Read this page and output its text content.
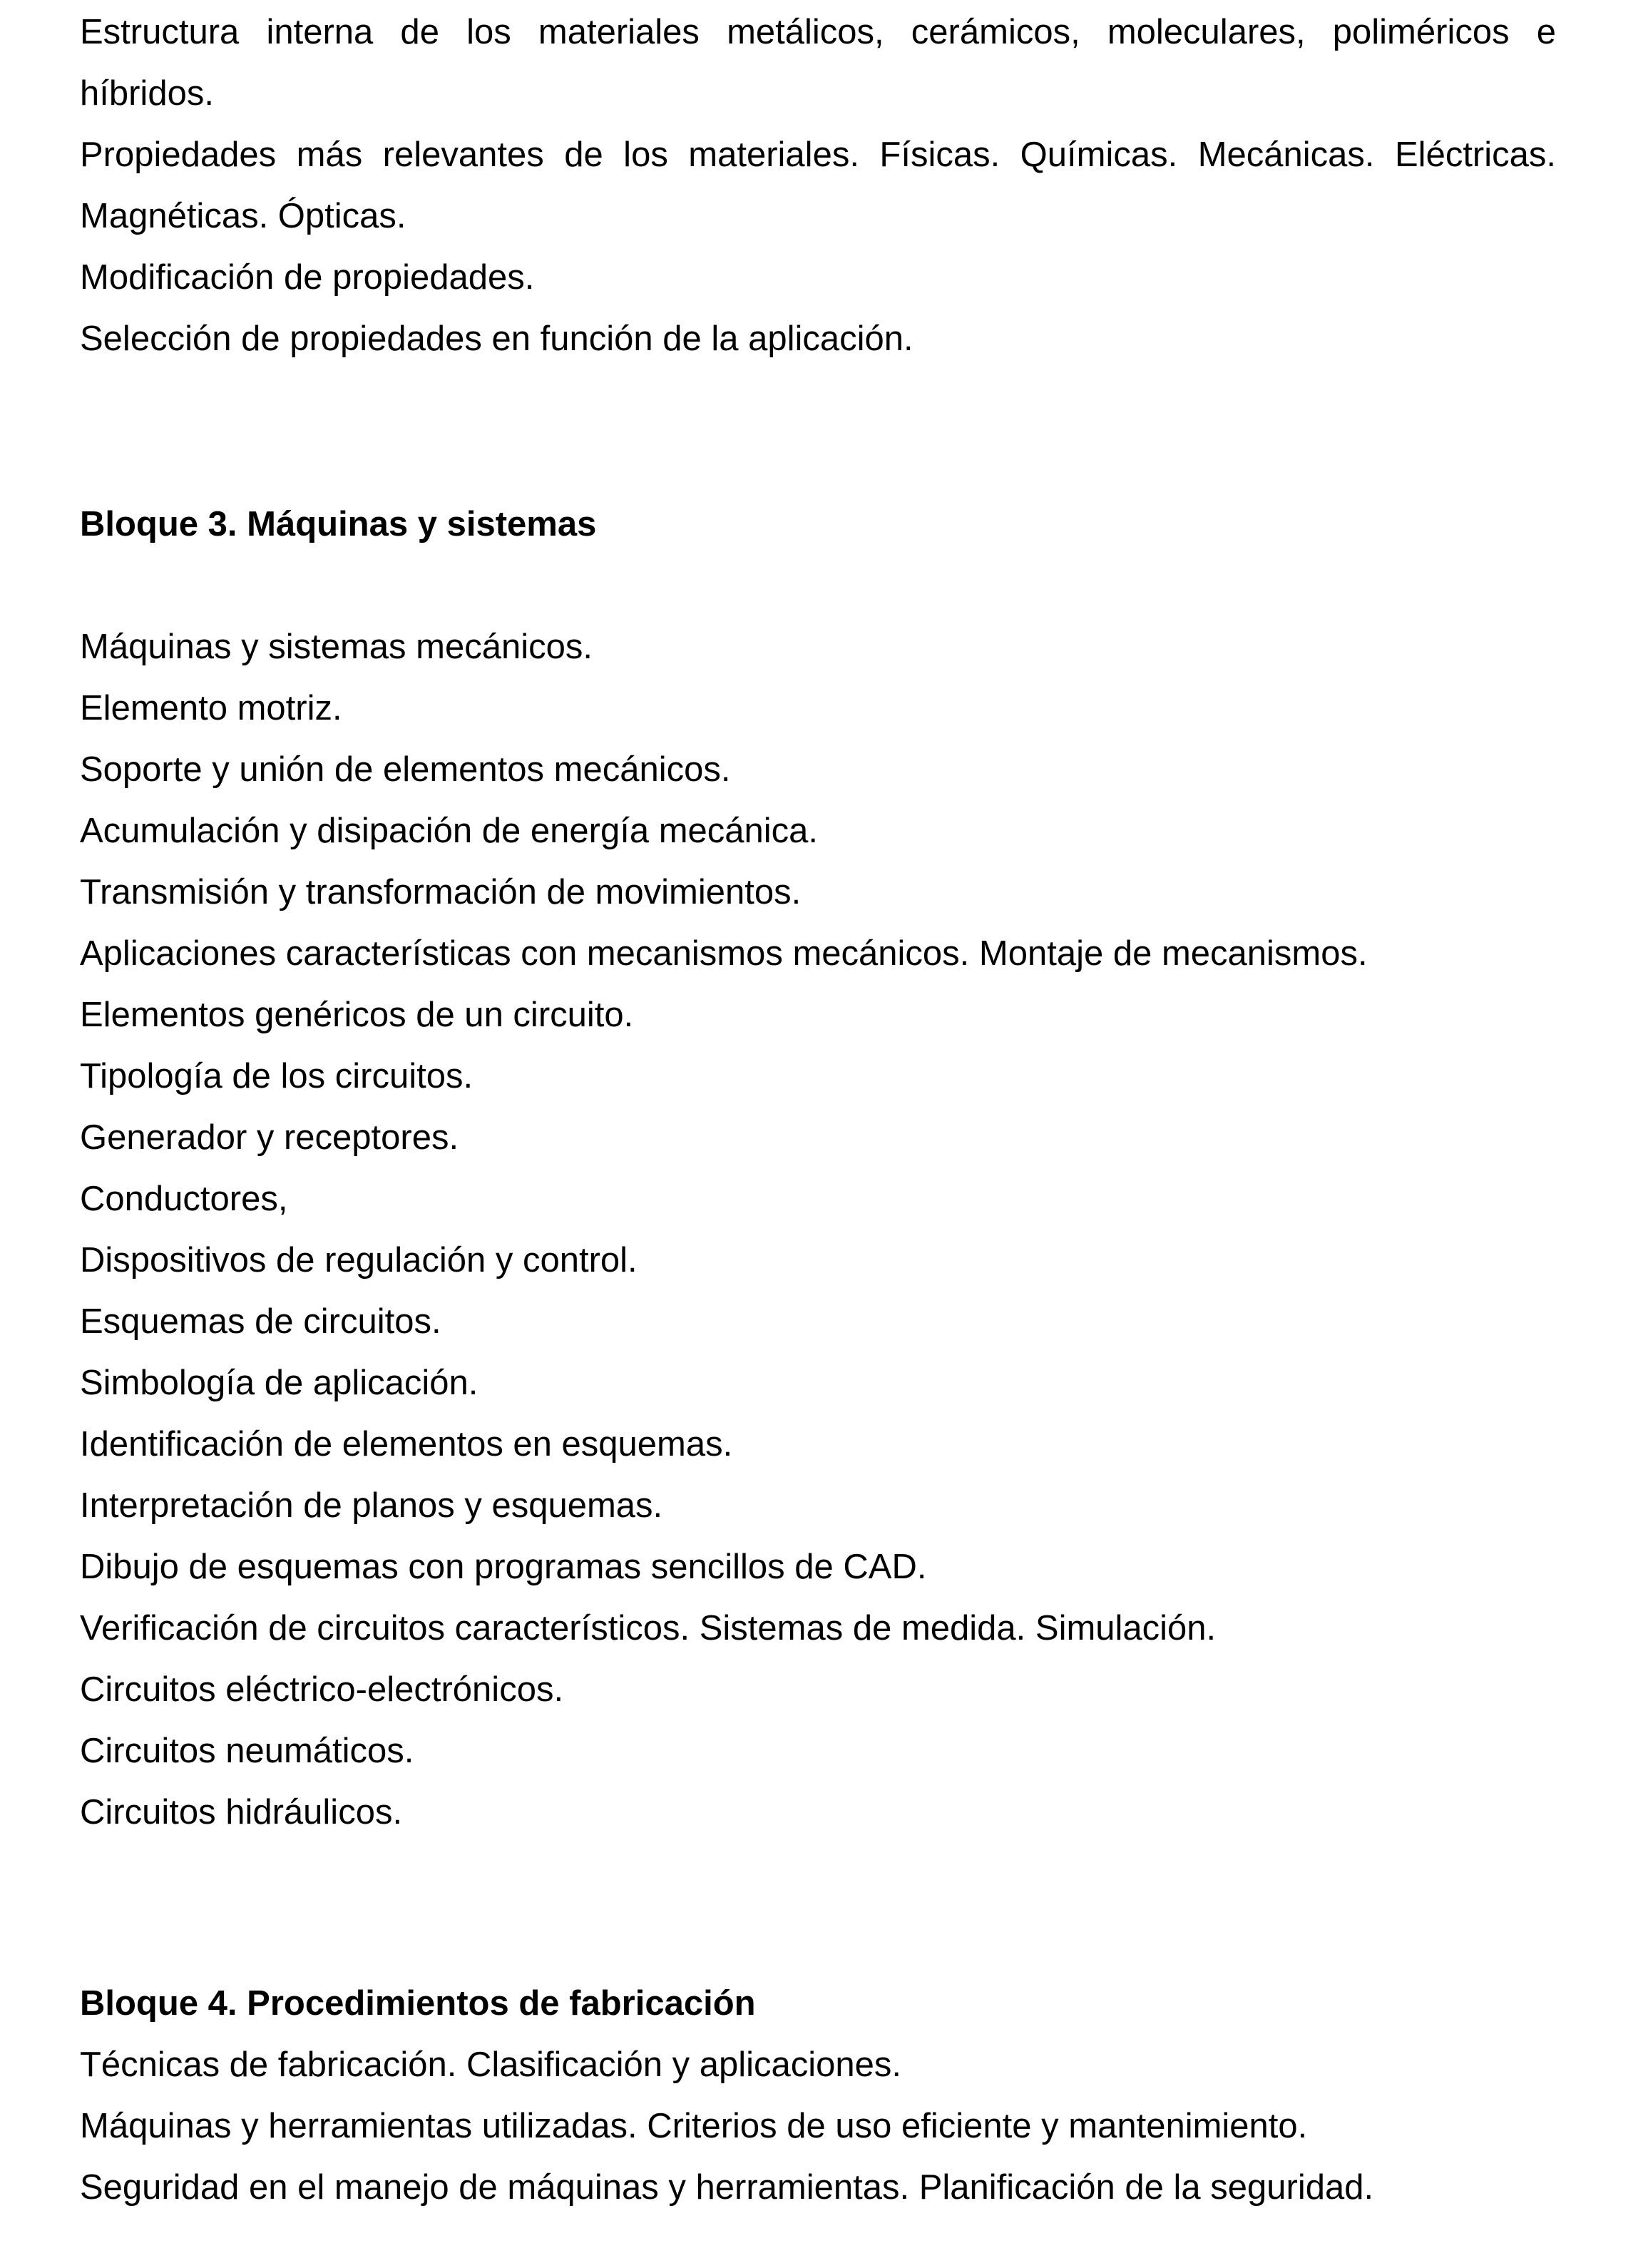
Estructura interna de los materiales metálicos, cerámicos, moleculares, poliméricos e
híbridos.
Propiedades más relevantes de los materiales. Físicas. Químicas. Mecánicas. Eléctricas.
Magnéticas. Ópticas.
Modificación de propiedades.
Selección de propiedades en función de la aplicación.
Bloque 3. Máquinas y sistemas
Máquinas y sistemas mecánicos.
Elemento motriz.
Soporte y unión de elementos mecánicos.
Acumulación y disipación de energía mecánica.
Transmisión y transformación de movimientos.
Aplicaciones características con mecanismos mecánicos. Montaje de mecanismos.
Elementos genéricos de un circuito.
Tipología de los circuitos.
Generador y receptores.
Conductores,
Dispositivos de regulación y control.
Esquemas de circuitos.
Simbología de aplicación.
Identificación de elementos en esquemas.
Interpretación de planos y esquemas.
Dibujo de esquemas con programas sencillos de CAD.
Verificación de circuitos característicos. Sistemas de medida. Simulación.
Circuitos eléctrico-electrónicos.
Circuitos neumáticos.
Circuitos hidráulicos.
Bloque 4. Procedimientos de fabricación
Técnicas de fabricación. Clasificación y aplicaciones.
Máquinas y herramientas utilizadas. Criterios de uso eficiente y mantenimiento.
Seguridad en el manejo de máquinas y herramientas. Planificación de la seguridad.
